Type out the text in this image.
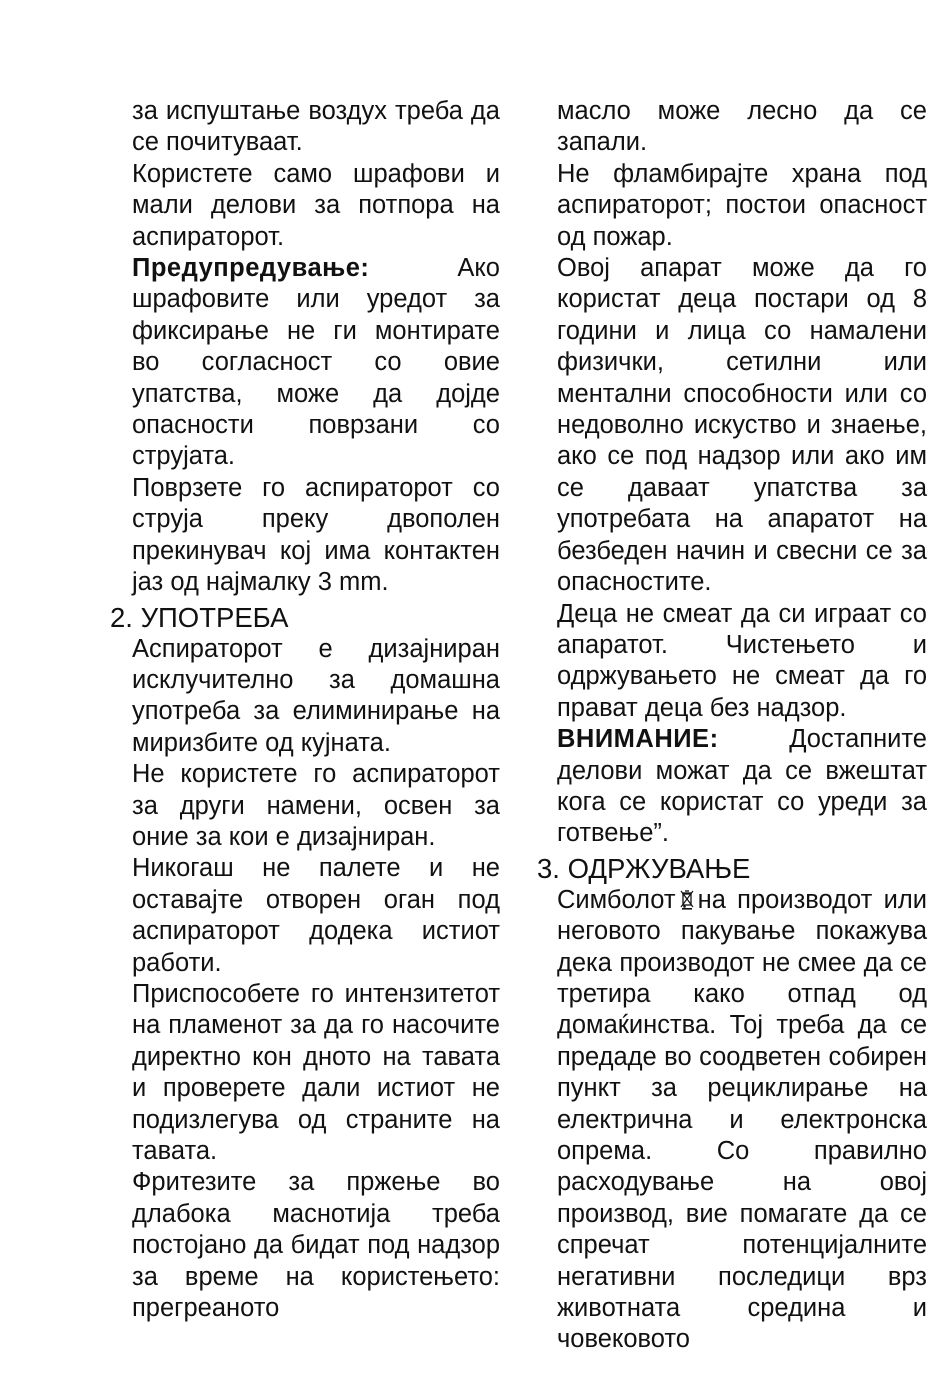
за испуштање воздух треба да се почитуваат.

Користете само шрафови и мали делови за потпора на аспираторот.

Предупредување:	Ако шрафовите или уредот за фиксирање не ги монтирате во согласност со овие упатства, може да дојде опасности поврзани со струјата.

Поврзете го аспираторот со струја преку двополен прекинувач кој има контактен јаз од најмалку 3 mm.

2. УПОТРЕБА

Аспираторот е дизајниран исклучително за домашна употреба за елиминирање на миризбите од кујната.

Не користете го аспираторот за други намени, освен за оние за кои е дизајниран.

Никогаш не палете и не оставајте отворен оган под аспираторот додека истиот работи.

Приспособете го интензитетот на пламенот за да го насочите директно кон дното на тавата и проверете дали истиот не подизлегува од страните на тавата.

Фритезите за пржење во длабока маснотија треба постојано да бидат под надзор за време на користењето: прегреаното

масло може лесно да се запали.

Не фламбирајте храна под аспираторот; постои опасност од пожар.

Овој апарат може да го користат деца постари од 8 години и лица со намалени физички, сетилни или ментални способности или со недоволно искуство и знаење, ако се под надзор или ако им се даваат упатства за употребата на апаратот на безбеден начин и свесни се за опасностите.

Деца не смеат да си играат со апаратот. Чистењето и одржувањето не смеат да го прават деца без надзор.

ВНИМАНИЕ:	Достапните делови можат да се вжештат кога се користат со уреди за готвење”.

3. ОДРЖУВАЊЕ

Симболот на производот или неговото пакување покажува дека производот не смее да се третира како отпад од домаќинства. Тој треба да се предаде во соодветен собирен пункт за рециклирање на електрична и електронска опрема. Со правилно расходување на овој производ, вие помагате да се спречат потенцијалните негативни последици врз животната средина и човековото
